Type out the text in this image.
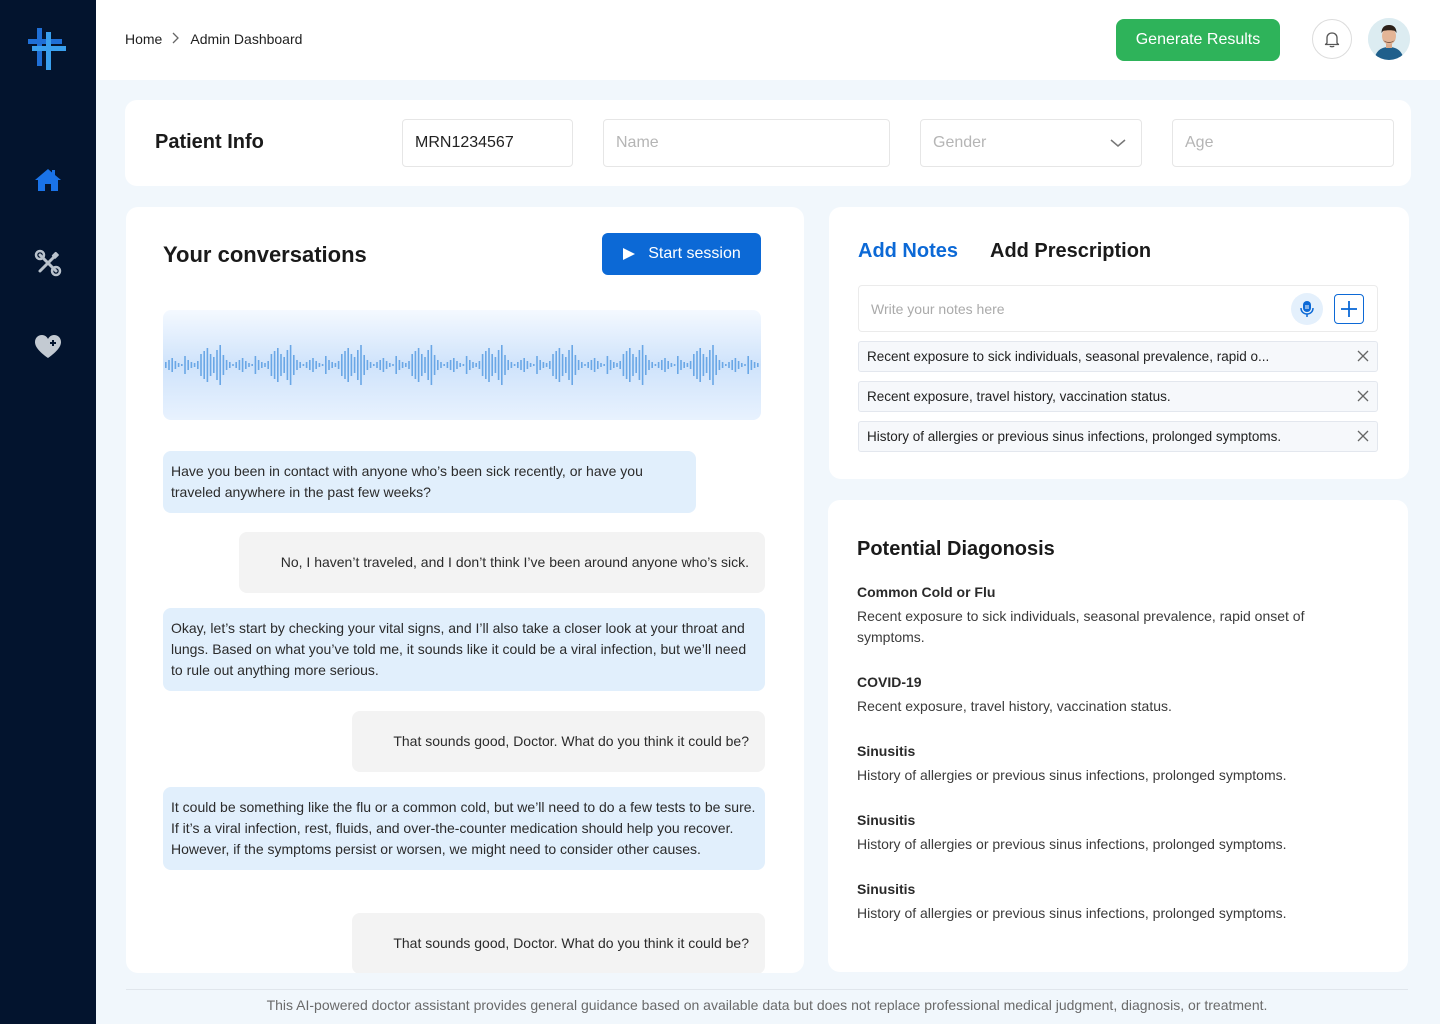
Home Admin Dashboard	Generate Results
Patient Info	MRN1234567	Name	Gender	Age
Your conversations	Start session
Have you been in contact with anyone who’s been sick recently, or have you traveled anywhere in the past few weeks?
No, I haven’t traveled, and I don’t think I’ve been around anyone who’s sick.
Okay, let’s start by checking your vital signs, and I’ll also take a closer look at your throat and lungs. Based on what you’ve told me, it sounds like it could be a viral infection, but we’ll need to rule out anything more serious.
That sounds good, Doctor. What do you think it could be?
It could be something like the flu or a common cold, but we’ll need to do a few tests to be sure. If it’s a viral infection, rest, fluids, and over-the-counter medication should help you recover. However, if the symptoms persist or worsen, we might need to consider other causes.
That sounds good, Doctor. What do you think it could be?
Add Notes Add Prescription
Write your notes here
Recent exposure to sick individuals, seasonal prevalence, rapid o...
Recent exposure, travel history, vaccination status.
History of allergies or previous sinus infections, prolonged symptoms.
Potential Diagonosis
Common Cold or Flu
Recent exposure to sick individuals, seasonal prevalence, rapid onset of symptoms.
COVID-19
Recent exposure, travel history, vaccination status.
Sinusitis
History of allergies or previous sinus infections, prolonged symptoms.
Sinusitis
History of allergies or previous sinus infections, prolonged symptoms.
Sinusitis
History of allergies or previous sinus infections, prolonged symptoms.
This AI-powered doctor assistant provides general guidance based on available data but does not replace professional medical judgment, diagnosis, or treatment.
